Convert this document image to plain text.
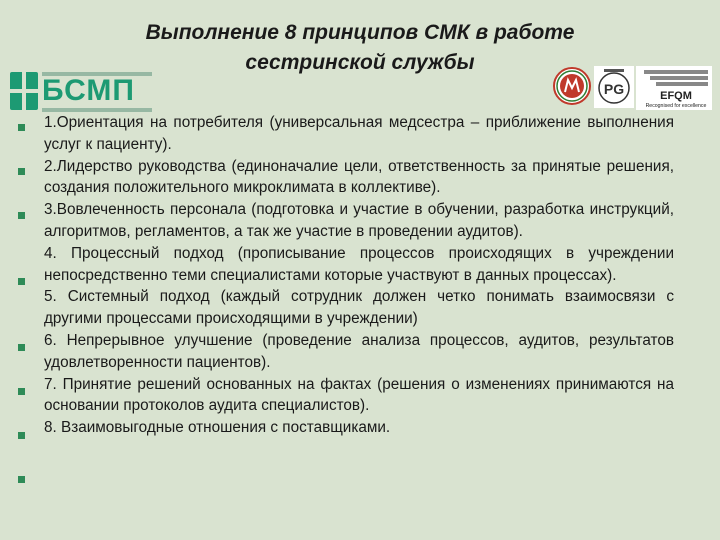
Выполнение 8 принципов СМК в работе
сестринской службы
БСМП	PG	EFQM
Recognised for excellence

1.Ориентация на потребителя (универсальная медсестра – приближение выполнения услуг к пациенту).

2.Лидерство руководства (единоначалие цели, ответственность за принятые решения, создания положительного микроклимата в коллективе).

3.Вовлеченность персонала (подготовка и участие в обучении, разработка инструкций, алгоритмов, регламентов, а так же участие в проведении аудитов).

4. Процессный подход (прописывание процессов происходящих в учреждении непосредственно теми специалистами которые участвуют в данных процессах).

5. Системный подход (каждый сотрудник должен четко понимать взаимосвязи с другими процессами происходящими в учреждении)

6. Непрерывное улучшение (проведение анализа процессов, аудитов, результатов удовлетворенности пациентов).

7. Принятие решений основанных на фактах (решения о изменениях принимаются на основании протоколов аудита специалистов).

8. Взаимовыгодные отношения с поставщиками.
